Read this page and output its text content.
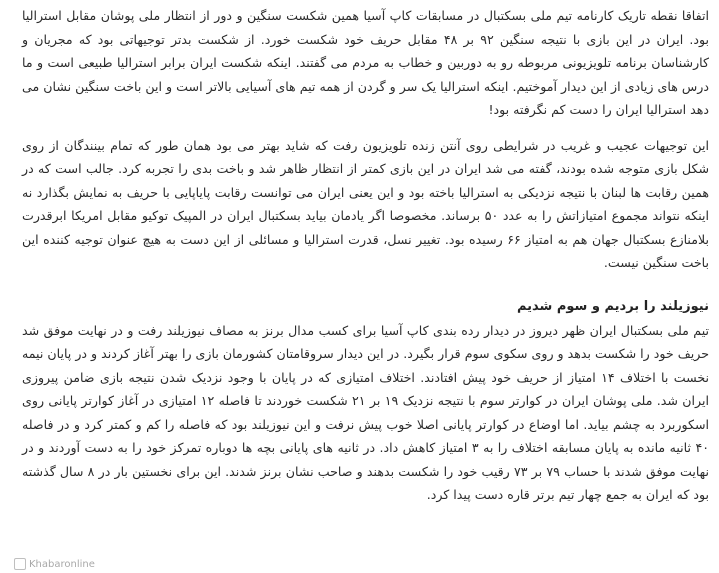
اتفاقا نقطه تاریک کارنامه تیم ملی بسکتبال در مسابقات کاپ آسیا همین شکست سنگین و دور از انتظار ملی پوشان مقابل استرالیا بود. ایران در این بازی با نتیجه سنگین ۹۲ بر ۴۸ مقابل حریف خود شکست خورد. از شکست بدتر توجیهاتی بود که مجریان و کارشناسان برنامه تلویزیونی مربوطه رو به دوربین و خطاب به مردم می گفتند. اینکه شکست ایران برابر استرالیا طبیعی است و ما درس های زیادی از این دیدار آموختیم. اینکه استرالیا یک سر و گردن از همه تیم های آسیایی بالاتر است و این باخت سنگین نشان می دهد استرالیا ایران را دست کم نگرفته بود!

این توجیهات عجیب و غریب در شرایطی روی آنتن زنده تلویزیون رفت که شاید بهتر می بود همان طور که تمام بینندگان از روی شکل بازی متوجه شده بودند، گفته می شد ایران در این بازی کمتر از انتظار ظاهر شد و باخت بدی را تجربه کرد. جالب است که در همین رقابت ها لبنان با نتیجه نزدیکی به استرالیا باخته بود و این یعنی ایران می توانست رقابت پایاپایی با حریف به نمایش بگذارد نه اینکه نتواند مجموع امتیازاتش را به عدد ۵۰ برساند. مخصوصا اگر یادمان بیاید بسکتبال ایران در المپیک توکیو مقابل امریکا ابرقدرت بلامنازع بسکتبال جهان هم به امتیاز ۶۶ رسیده بود. تغییر نسل، قدرت استرالیا و مسائلی از این دست به هیچ عنوان توجیه کننده این باخت سنگین نیست.

نیوزیلند را بردیم و سوم شدیم

تیم ملی بسکتبال ایران ظهر دیروز در دیدار رده بندی کاپ آسیا برای کسب مدال برنز به مصاف نیوزیلند رفت و در نهایت موفق شد حریف خود را شکست بدهد و روی سکوی سوم قرار بگیرد. در این دیدار سروقامتان کشورمان بازی را بهتر آغاز کردند و در پایان نیمه نخست با اختلاف ۱۴ امتیاز از حریف خود پیش افتادند. اختلاف امتیازی که در پایان با وجود نزدیک شدن نتیجه بازی ضامن پیروزی ایران شد. ملی پوشان ایران در کوارتر سوم با نتیجه نزدیک ۱۹ بر ۲۱ شکست خوردند تا فاصله ۱۲ امتیازی در آغاز کوارتر پایانی روی اسکوربرد به چشم بیاید. اما اوضاع در کوارتر پایانی اصلا خوب پیش نرفت و این نیوزیلند بود که فاصله را کم و کمتر کرد و در فاصله ۴۰ ثانیه مانده به پایان مسابقه اختلاف را به ۳ امتیاز کاهش داد. در ثانیه های پایانی بچه ها دوباره تمرکز خود را به دست آوردند و در نهایت موفق شدند با حساب ۷۹ بر ۷۳ رقیب خود را شکست بدهند و صاحب نشان برنز شدند. این برای نخستین بار در ۸ سال گذشته بود که ایران به جمع چهار تیم برتر قاره دست پیدا کرد.

Khabaronline
